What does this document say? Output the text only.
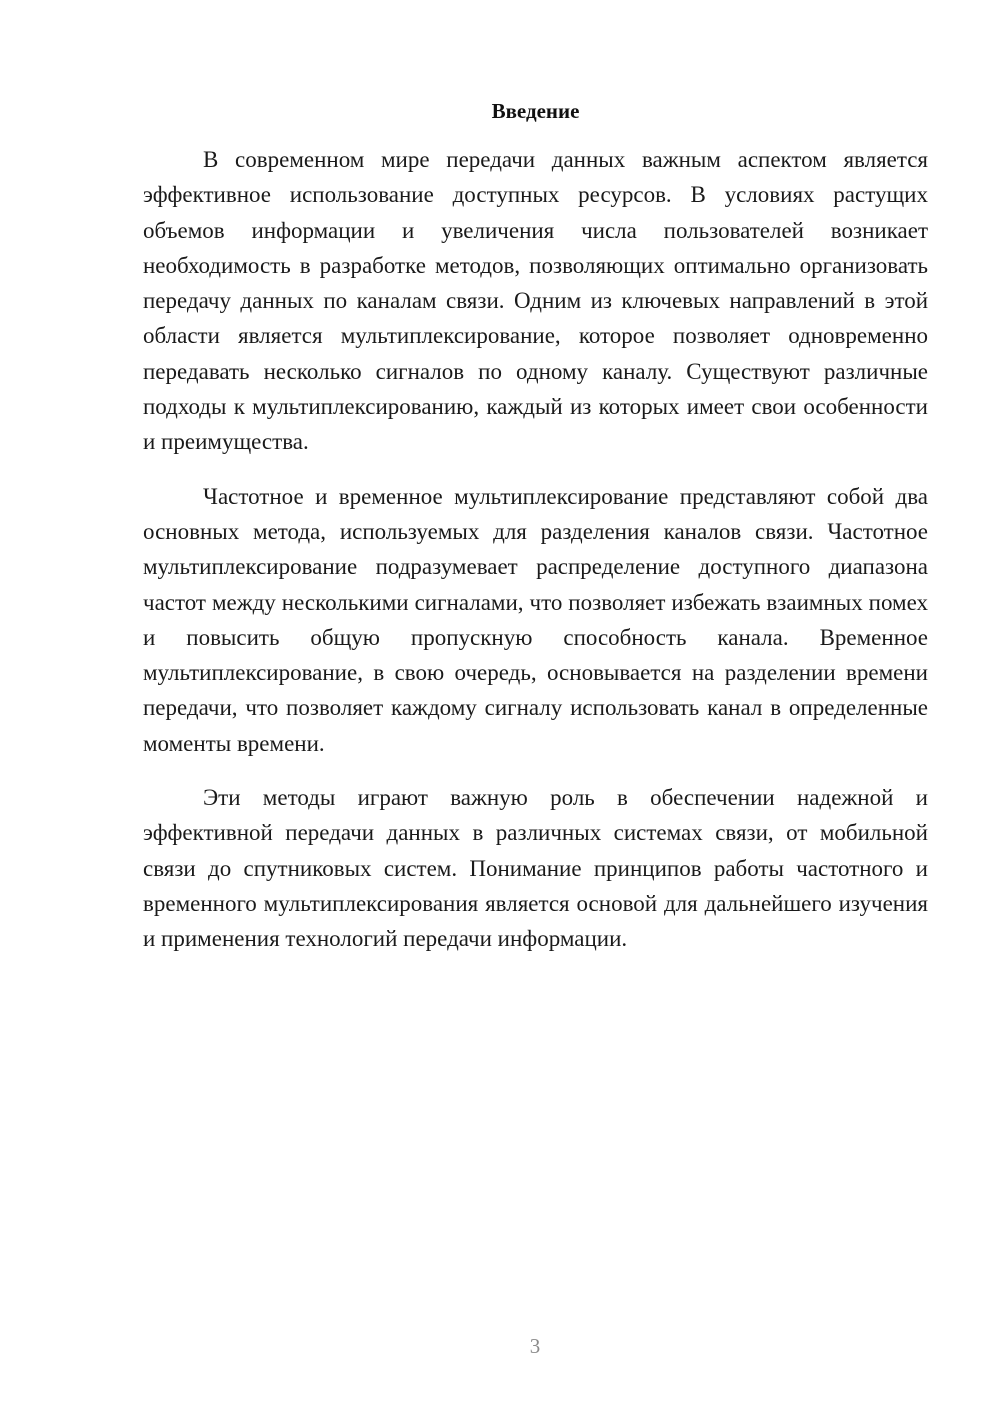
Введение

В современном мире передачи данных важным аспектом является эффективное использование доступных ресурсов. В условиях растущих объемов информации и увеличения числа пользователей возникает необходимость в разработке методов, позволяющих оптимально организовать передачу данных по каналам связи. Одним из ключевых направлений в этой области является мультиплексирование, которое позволяет одновременно передавать несколько сигналов по одному каналу. Существуют различные подходы к мультиплексированию, каждый из которых имеет свои особенности и преимущества.

Частотное и временное мультиплексирование представляют собой два основных метода, используемых для разделения каналов связи. Частотное мультиплексирование подразумевает распределение доступного диапазона частот между несколькими сигналами, что позволяет избежать взаимных помех и повысить общую пропускную способность канала. Временное мультиплексирование, в свою очередь, основывается на разделении времени передачи, что позволяет каждому сигналу использовать канал в определенные моменты времени.

Эти методы играют важную роль в обеспечении надежной и эффективной передачи данных в различных системах связи, от мобильной связи до спутниковых систем. Понимание принципов работы частотного и временного мультиплексирования является основой для дальнейшего изучения и применения технологий передачи информации.

3
